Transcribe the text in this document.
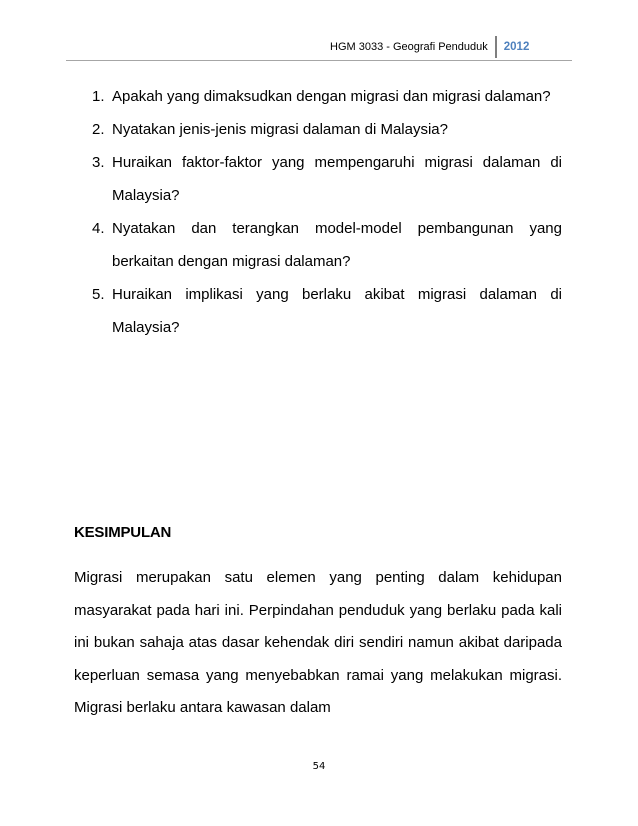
HGM 3033 - Geografi Penduduk	2012
1. Apakah yang dimaksudkan dengan migrasi dan migrasi dalaman?
2. Nyatakan jenis-jenis migrasi dalaman di Malaysia?
3. Huraikan faktor-faktor yang mempengaruhi migrasi dalaman di Malaysia?
4. Nyatakan dan terangkan model-model pembangunan yang berkaitan dengan migrasi dalaman?
5. Huraikan implikasi yang berlaku akibat migrasi dalaman di Malaysia?
KESIMPULAN

Migrasi merupakan satu elemen yang penting dalam kehidupan masyarakat pada hari ini. Perpindahan penduduk yang berlaku pada kali ini bukan sahaja atas dasar kehendak diri sendiri namun akibat daripada keperluan semasa yang menyebabkan ramai yang melakukan migrasi. Migrasi berlaku antara kawasan dalam

54
